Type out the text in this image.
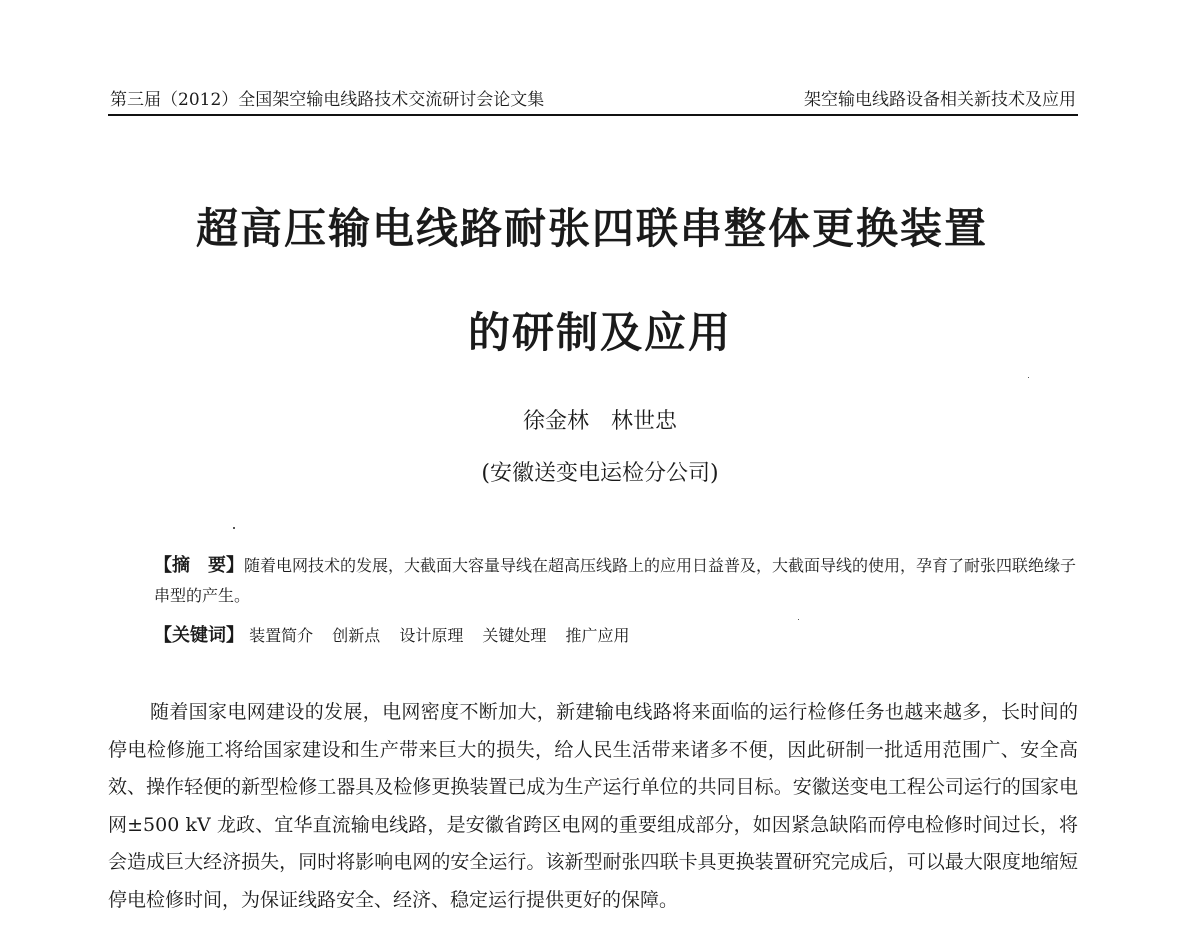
第三届（2012）全国架空输电线路技术交流研讨会论文集	架空输电线路设备相关新技术及应用
超高压输电线路耐张四联串整体更换装置
的研制及应用
徐金林　林世忠
(安徽送变电运检分公司)
【摘　要】随着电网技术的发展，大截面大容量导线在超高压线路上的应用日益普及，大截面导线的使用，孕育了耐张四联绝缘子串型的产生。
【关键词】 装置简介 创新点 设计原理 关键处理 推广应用
随着国家电网建设的发展，电网密度不断加大，新建输电线路将来面临的运行检修任务也越来越多，长时间的停电检修施工将给国家建设和生产带来巨大的损失，给人民生活带来诸多不便，因此研制一批适用范围广、安全高效、操作轻便的新型检修工器具及检修更换装置已成为生产运行单位的共同目标。安徽送变电工程公司运行的国家电网±500 kV 龙政、宜华直流输电线路，是安徽省跨区电网的重要组成部分，如因紧急缺陷而停电检修时间过长，将会造成巨大经济损失，同时将影响电网的安全运行。该新型耐张四联卡具更换装置研究完成后，可以最大限度地缩短停电检修时间，为保证线路安全、经济、稳定运行提供更好的保障。
